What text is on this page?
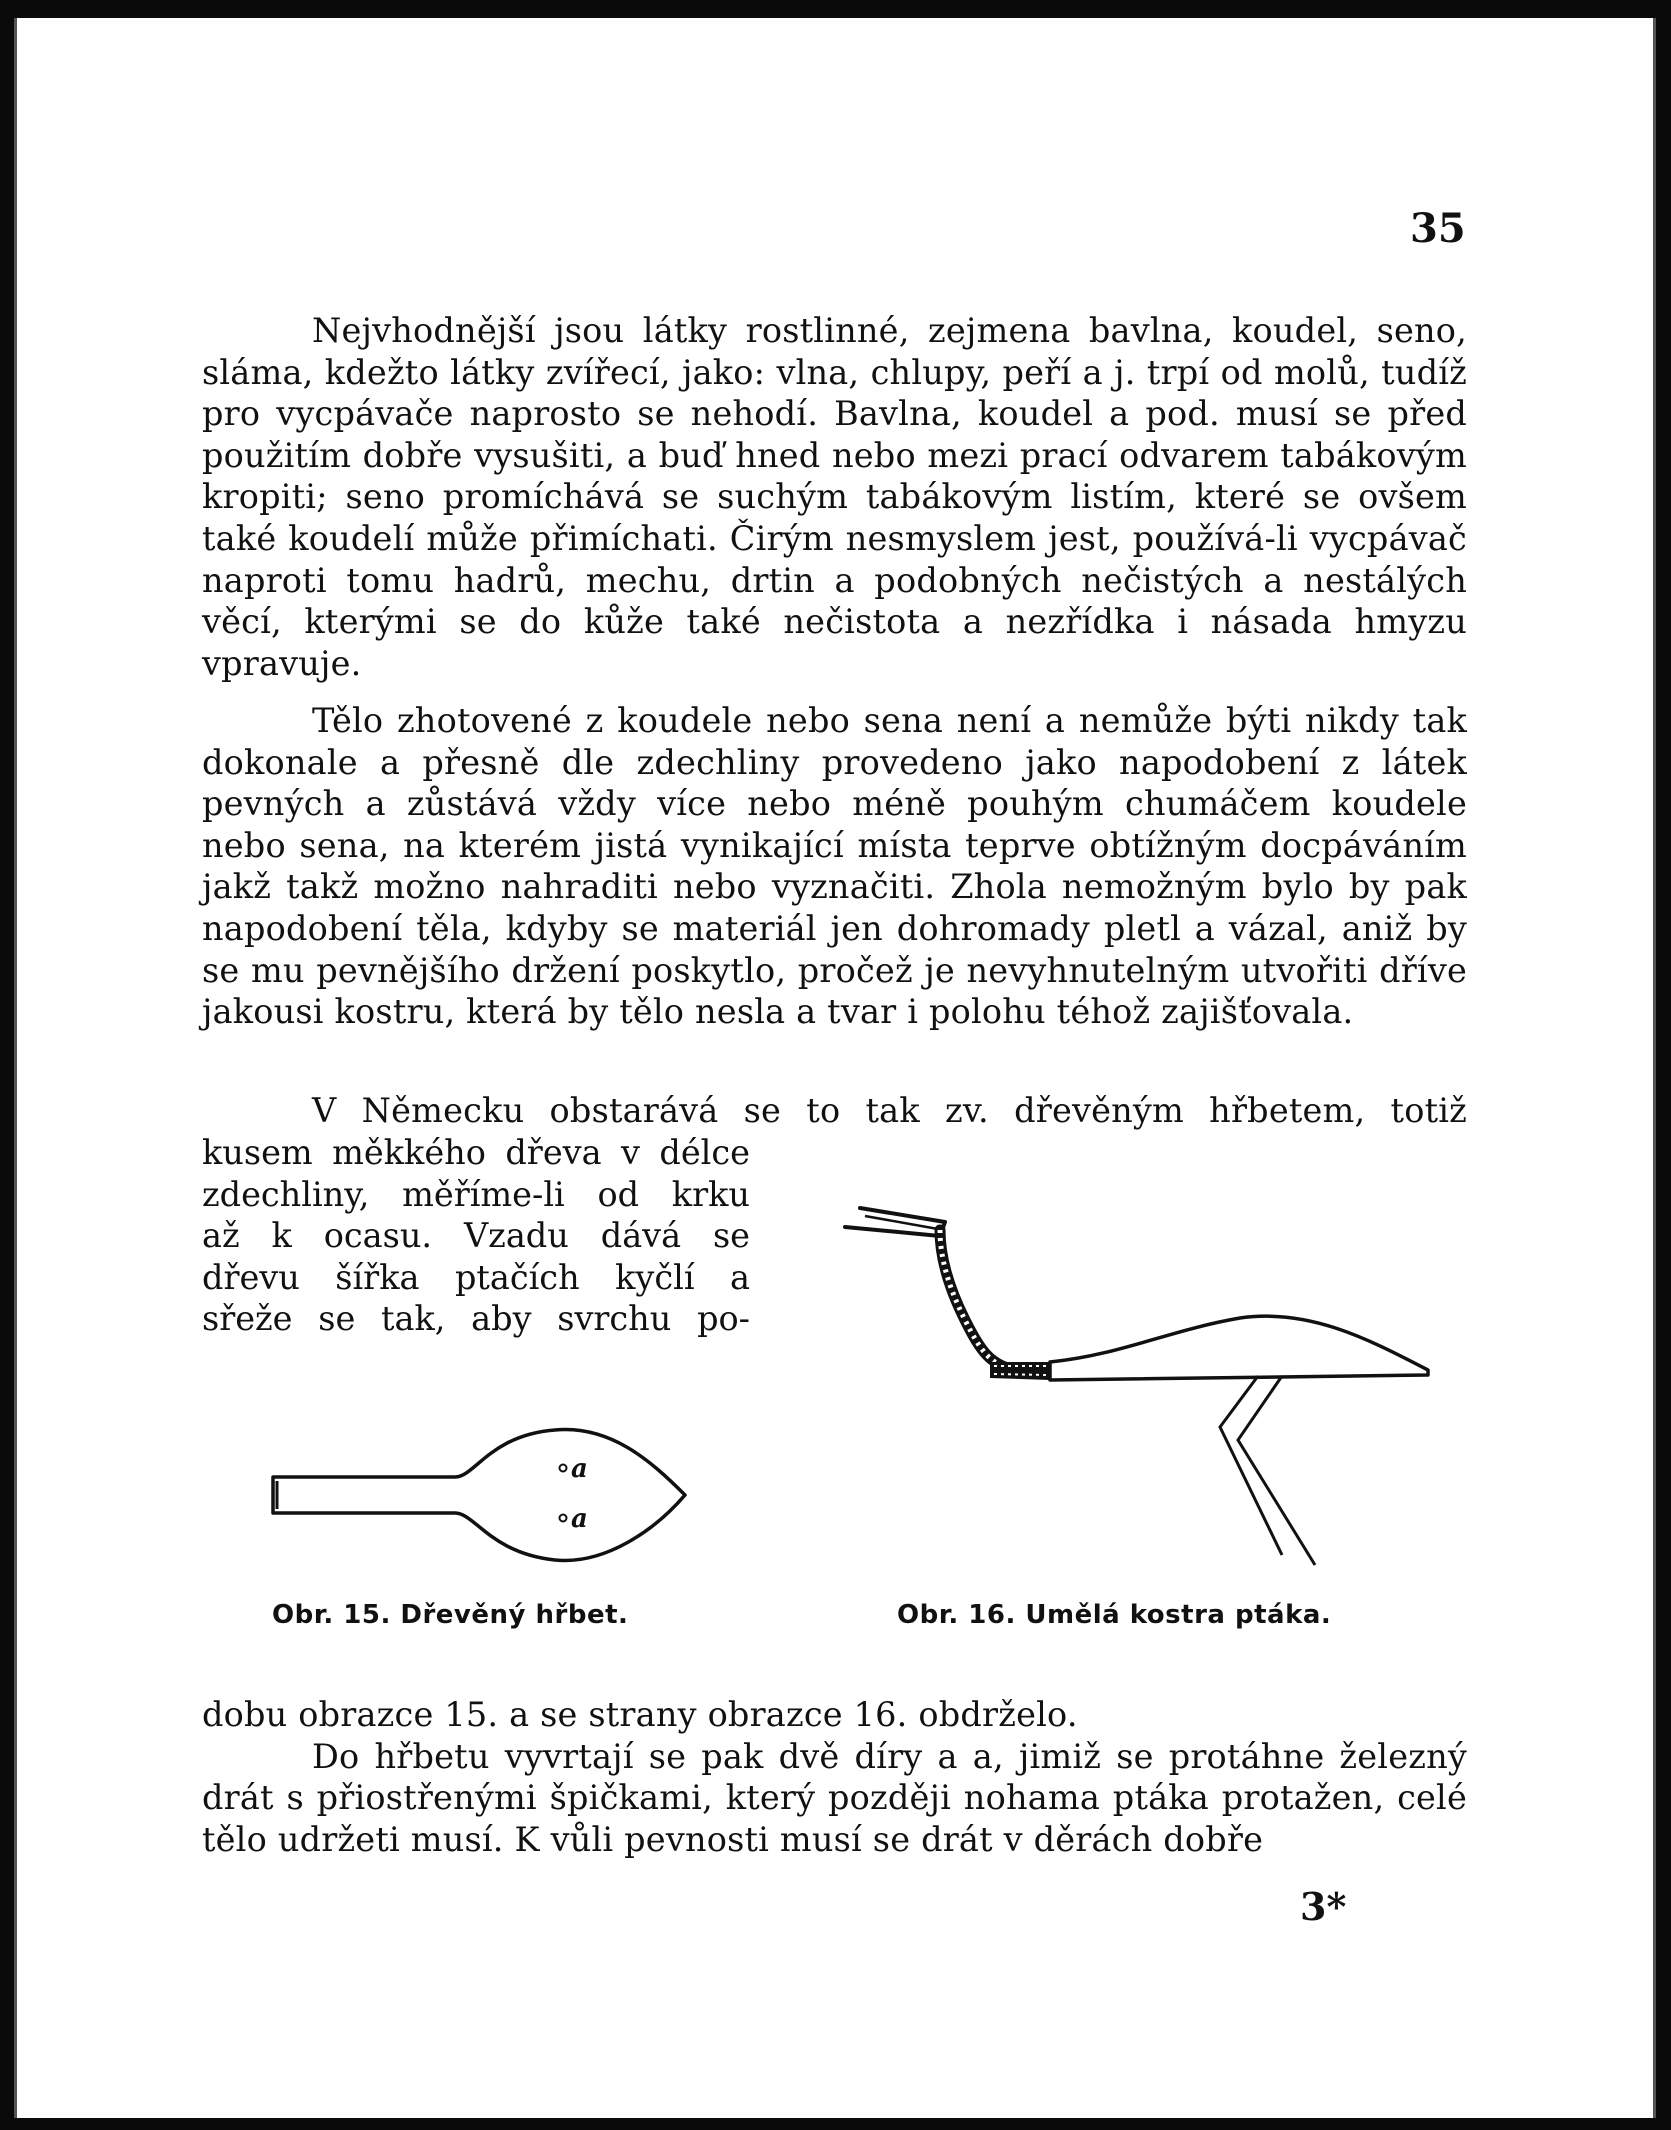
35

Nejvhodnější jsou látky rostlinné, zejmena bavlna, koudel, seno, sláma, kdežto látky zvířecí, jako: vlna, chlupy, peří a j. trpí od molů, tudíž pro vycpávače naprosto se nehodí. Bavlna, koudel a pod. musí se před použitím dobře vysušiti, a buď hned nebo mezi prací odvarem tabákovým kropiti; seno promíchává se suchým tabákovým listím, které se ovšem také koudelí může přimíchati. Čirým nesmyslem jest, používá-li vycpávač naproti tomu hadrů, mechu, drtin a podobných nečistých a nestálých věcí, kterými se do kůže také nečistota a nezřídka i násada hmyzu vpravuje.

Tělo zhotovené z koudele nebo sena není a nemůže býti nikdy tak dokonale a přesně dle zdechliny provedeno jako napodobení z látek pevných a zůstává vždy více nebo méně pouhým chumáčem koudele nebo sena, na kterém jistá vynikající místa teprve obtížným docpáváním jakž takž možno nahraditi nebo vyznačiti. Zhola nemožným bylo by pak napodobení těla, kdyby se materiál jen dohromady pletl a vázal, aniž by se mu pevnějšího držení poskytlo, pročež je nevyhnutelným utvořiti dříve jakousi kostru, která by tělo nesla a tvar i polohu téhož zajišťovala.

V Německu obstarává se to tak zv. dřevěným hřbetem, totiž

kusem měkkého dřeva v délce
zdechliny, měříme-li od krku
až k ocasu. Vzadu dává se
dřevu šířka ptačích kyčlí a
sřeže se tak, aby svrchu po-
a
a
Obr. 15. Dřevěný hřbet.	Obr. 16. Umělá kostra ptáka.

dobu obrazce 15. a se strany obrazce 16. obdrželo.

Do hřbetu vyvrtají se pak dvě díry a a, jimiž se protáhne železný drát s přiostřenými špičkami, který později nohama ptáka protažen, celé tělo udržeti musí. K vůli pevnosti musí se drát v děrách dobře

3*
